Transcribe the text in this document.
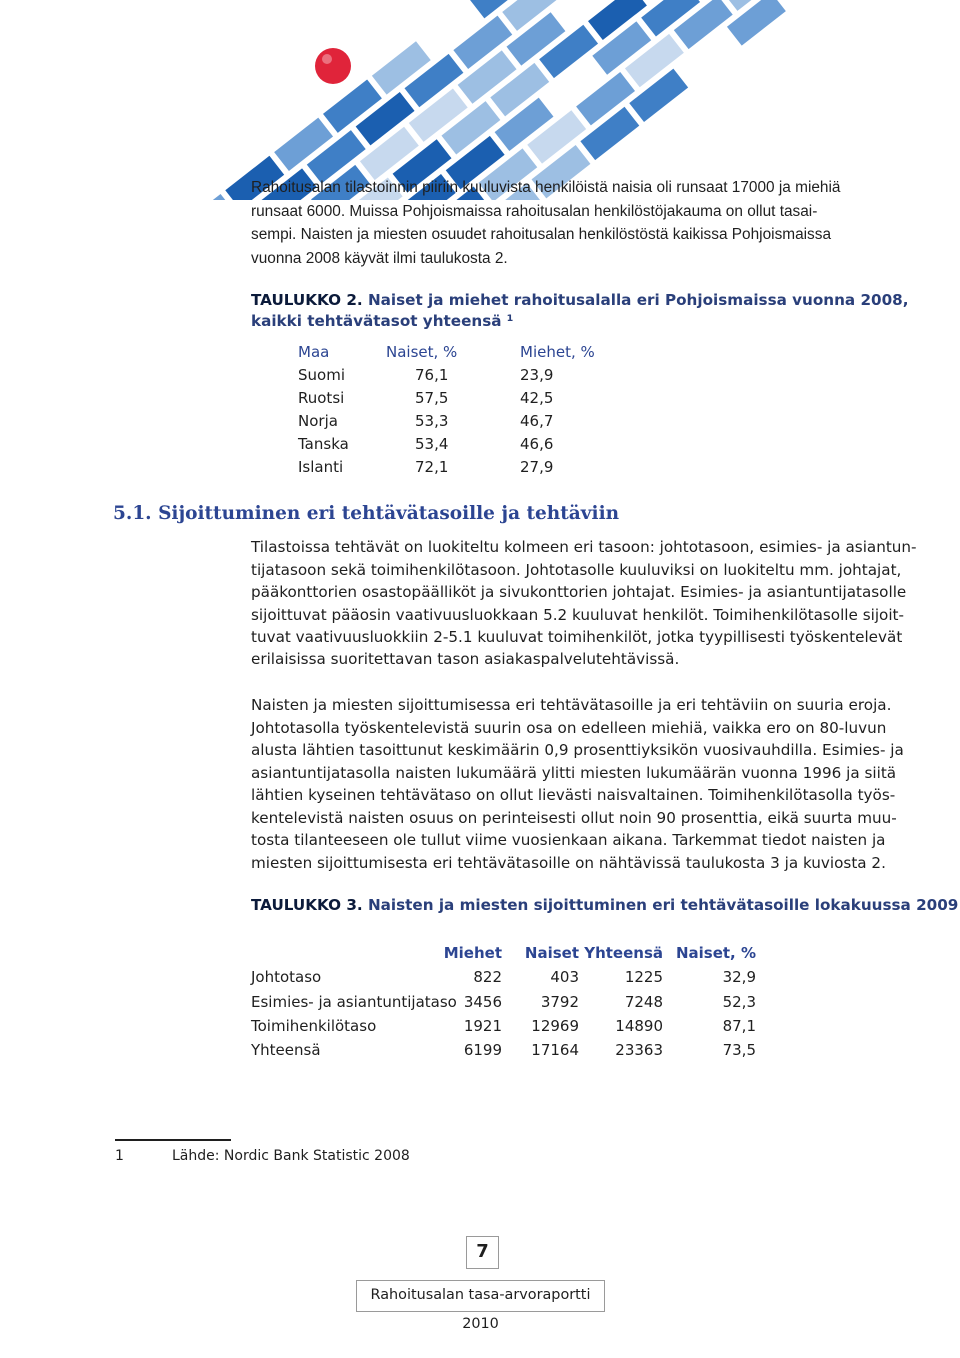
Rahoitusalan tilastoinnin piiriin kuuluvista henkilöistä naisia oli runsaat 17000 ja miehiä

runsaat 6000. Muissa Pohjoismaissa rahoitusalan henkilöstöjakauma on ollut tasai-

sempi. Naisten ja miesten osuudet rahoitusalan henkilöstöstä kaikissa Pohjoismaissa

vuonna 2008 käyvät ilmi taulukosta 2.

TAULUKKO 2. Naiset ja miehet rahoitusalalla eri Pohjoismaissa vuonna 2008,

kaikki tehtävätasot yhteensä ¹

Maa	Naiset, %	Miehet, %
Suomi	76,1	23,9
Ruotsi	57,5	42,5
Norja	53,3	46,7
Tanska	53,4	46,6
Islanti	72,1	27,9
5.1. Sijoittuminen eri tehtävätasoille ja tehtäviin

Tilastoissa tehtävät on luokiteltu kolmeen eri tasoon: johtotasoon, esimies- ja asiantun-

tijatasoon sekä toimihenkilötasoon. Johtotasolle kuuluviksi on luokiteltu mm. johtajat,

pääkonttorien osastopäälliköt ja sivukonttorien johtajat. Esimies- ja asiantuntijatasolle

sijoittuvat pääosin vaativuusluokkaan 5.2 kuuluvat henkilöt. Toimihenkilötasolle sijoit-

tuvat vaativuusluokkiin 2-5.1 kuuluvat toimihenkilöt, jotka tyypillisesti työskentelevät

erilaisissa suoritettavan tason asiakaspalvelutehtävissä.

Naisten ja miesten sijoittumisessa eri tehtävätasoille ja eri tehtäviin on suuria eroja.

Johtotasolla työskentelevistä suurin osa on edelleen miehiä, vaikka ero on 80-luvun

alusta lähtien tasoittunut keskimäärin 0,9 prosenttiyksikön vuosivauhdilla. Esimies- ja

asiantuntijatasolla naisten lukumäärä ylitti miesten lukumäärän vuonna 1996 ja siitä

lähtien kyseinen tehtävätaso on ollut lievästi naisvaltainen. Toimihenkilötasolla työs-

kentelevistä naisten osuus on perinteisesti ollut noin 90 prosenttia, eikä suurta muu-

tosta tilanteeseen ole tullut viime vuosienkaan aikana. Tarkemmat tiedot naisten ja

miesten sijoittumisesta eri tehtävätasoille on nähtävissä taulukosta 3 ja kuviosta 2.

TAULUKKO 3. Naisten ja miesten sijoittuminen eri tehtävätasoille lokakuussa 2009

Miehet Naiset Yhteensä Naiset, %
Johtotaso	822	403	1225	32,9
Esimies- ja asiantuntijataso 3456	3792	7248	52,3
Toimihenkilötaso	1921 12969 14890	87,1
Yhteensä	6199 17164 23363	73,5
1	Lähde: Nordic Bank Statistic 2008
7
Rahoitusalan tasa-arvoraportti 2010
